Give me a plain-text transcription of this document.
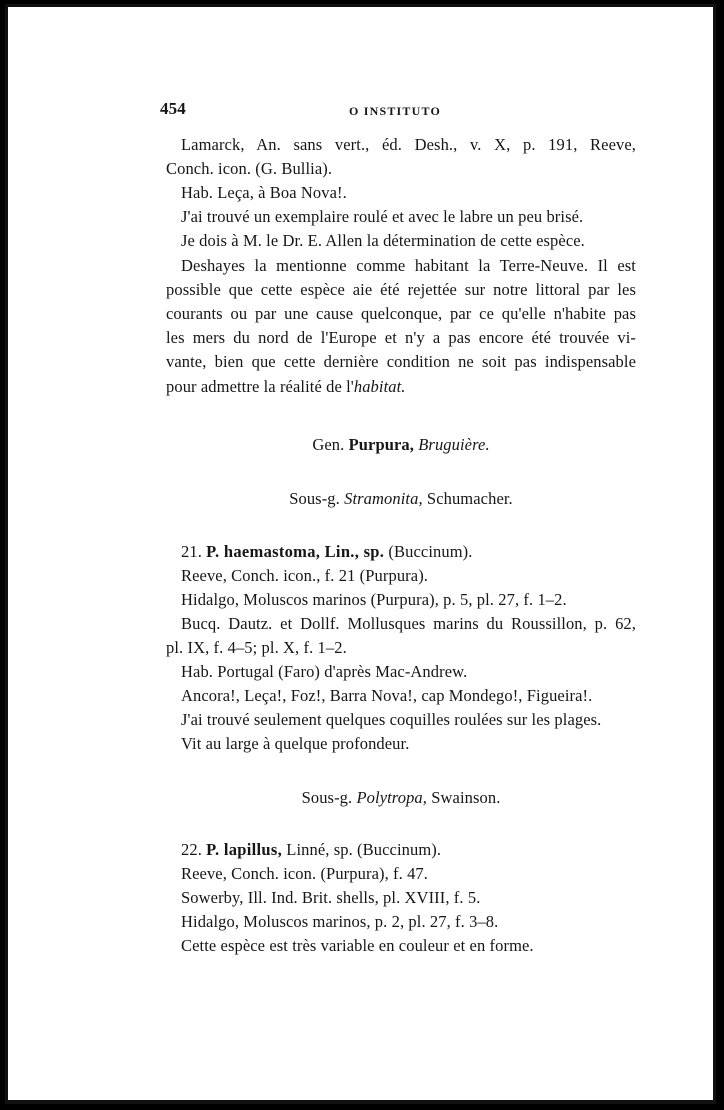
454	O INSTITUTO
Lamarck, An. sans vert., éd. Desh., v. X, p. 191, Reeve,
Conch. icon. (G. Bullia).
Hab. Leça, à Boa Nova!.
J'ai trouvé un exemplaire roulé et avec le labre un peu brisé.
Je dois à M. le Dr. E. Allen la détermination de cette espèce.
Deshayes la mentionne comme habitant la Terre-Neuve. Il est
possible que cette espèce aie été rejettée sur notre littoral par les
courants ou par une cause quelconque, par ce qu'elle n'habite pas
les mers du nord de l'Europe et n'y a pas encore été trouvée vi-
vante, bien que cette dernière condition ne soit pas indispensable
pour admettre la réalité de l'habitat.
Gen. Purpura, Bruguière.
Sous-g. Stramonita, Schumacher.
21. P. haemastoma, Lin., sp. (Buccinum).
Reeve, Conch. icon., f. 21 (Purpura).
Hidalgo, Moluscos marinos (Purpura), p. 5, pl. 27, f. 1–2.
Bucq. Dautz. et Dollf. Mollusques marins du Roussillon, p. 62,
pl. IX, f. 4–5; pl. X, f. 1–2.
Hab. Portugal (Faro) d'après Mac-Andrew.
Ancora!, Leça!, Foz!, Barra Nova!, cap Mondego!, Figueira!.
J'ai trouvé seulement quelques coquilles roulées sur les plages.
Vit au large à quelque profondeur.
Sous-g. Polytropa, Swainson.
22. P. lapillus, Linné, sp. (Buccinum).
Reeve, Conch. icon. (Purpura), f. 47.
Sowerby, Ill. Ind. Brit. shells, pl. XVIII, f. 5.
Hidalgo, Moluscos marinos, p. 2, pl. 27, f. 3–8.
Cette espèce est très variable en couleur et en forme.
